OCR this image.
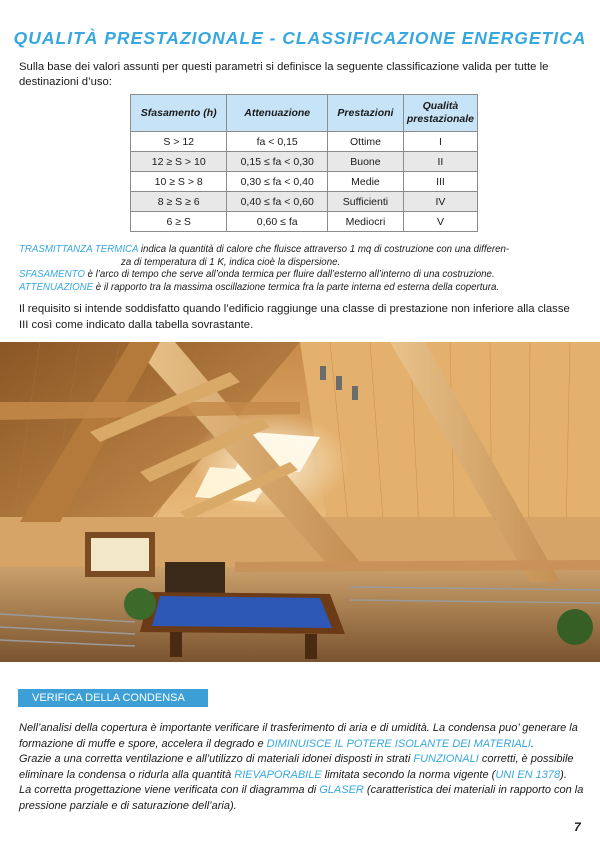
QUALITÀ PRESTAZIONALE - CLASSIFICAZIONE ENERGETICA

Sulla base dei valori assunti per questi parametri si definisce la seguente classificazione valida per tutte le destinazioni d’uso:

Sfasamento (h)	Attenuazione	Prestazioni	Qualità prestazionale
S > 12	fa < 0,15	Ottime	I
12 ≥ S > 10	0,15 ≤ fa < 0,30	Buone	II
10 ≥ S > 8	0,30 ≤ fa < 0,40	Medie	III
8 ≥ S ≥ 6	0,40 ≤ fa < 0,60	Sufficienti	IV
6 ≥ S	0,60 ≤ fa	Mediocri	V

TRASMITTANZA TERMICA indica la quantità di calore che fluisce attraverso 1 mq di costruzione con una differen-

za di temperatura di 1 K, indica cioè la dispersione.

SFASAMENTO è l’arco di tempo che serve all’onda termica per fluire dall’esterno all’interno di una costruzione.

ATTENUAZIONE è il rapporto tra la massima oscillazione termica fra la parte interna ed esterna della copertura.

Il requisito si intende soddisfatto quando l’edificio raggiunge una classe di prestazione non inferiore alla classe III così come indicato dalla tabella sovrastante.

VERIFICA DELLA CONDENSA

Nell’analisi della copertura è importante verificare il trasferimento di aria e di umidità. La condensa puo’ generare la formazione di muffe e spore, accelera il degrado e DIMINUISCE IL POTERE ISOLANTE DEI MATERIALI.
Grazie a una corretta ventilazione e all’utilizzo di materiali idonei disposti in strati FUNZIONALI corretti, è possibile eliminare la condensa o ridurla alla quantità RIEVAPORABILE limitata secondo la norma vigente (UNI EN 1378).
La corretta progettazione viene verificata con il diagramma di GLASER (caratteristica dei materiali in rapporto con la pressione parziale e di saturazione dell’aria).

7
